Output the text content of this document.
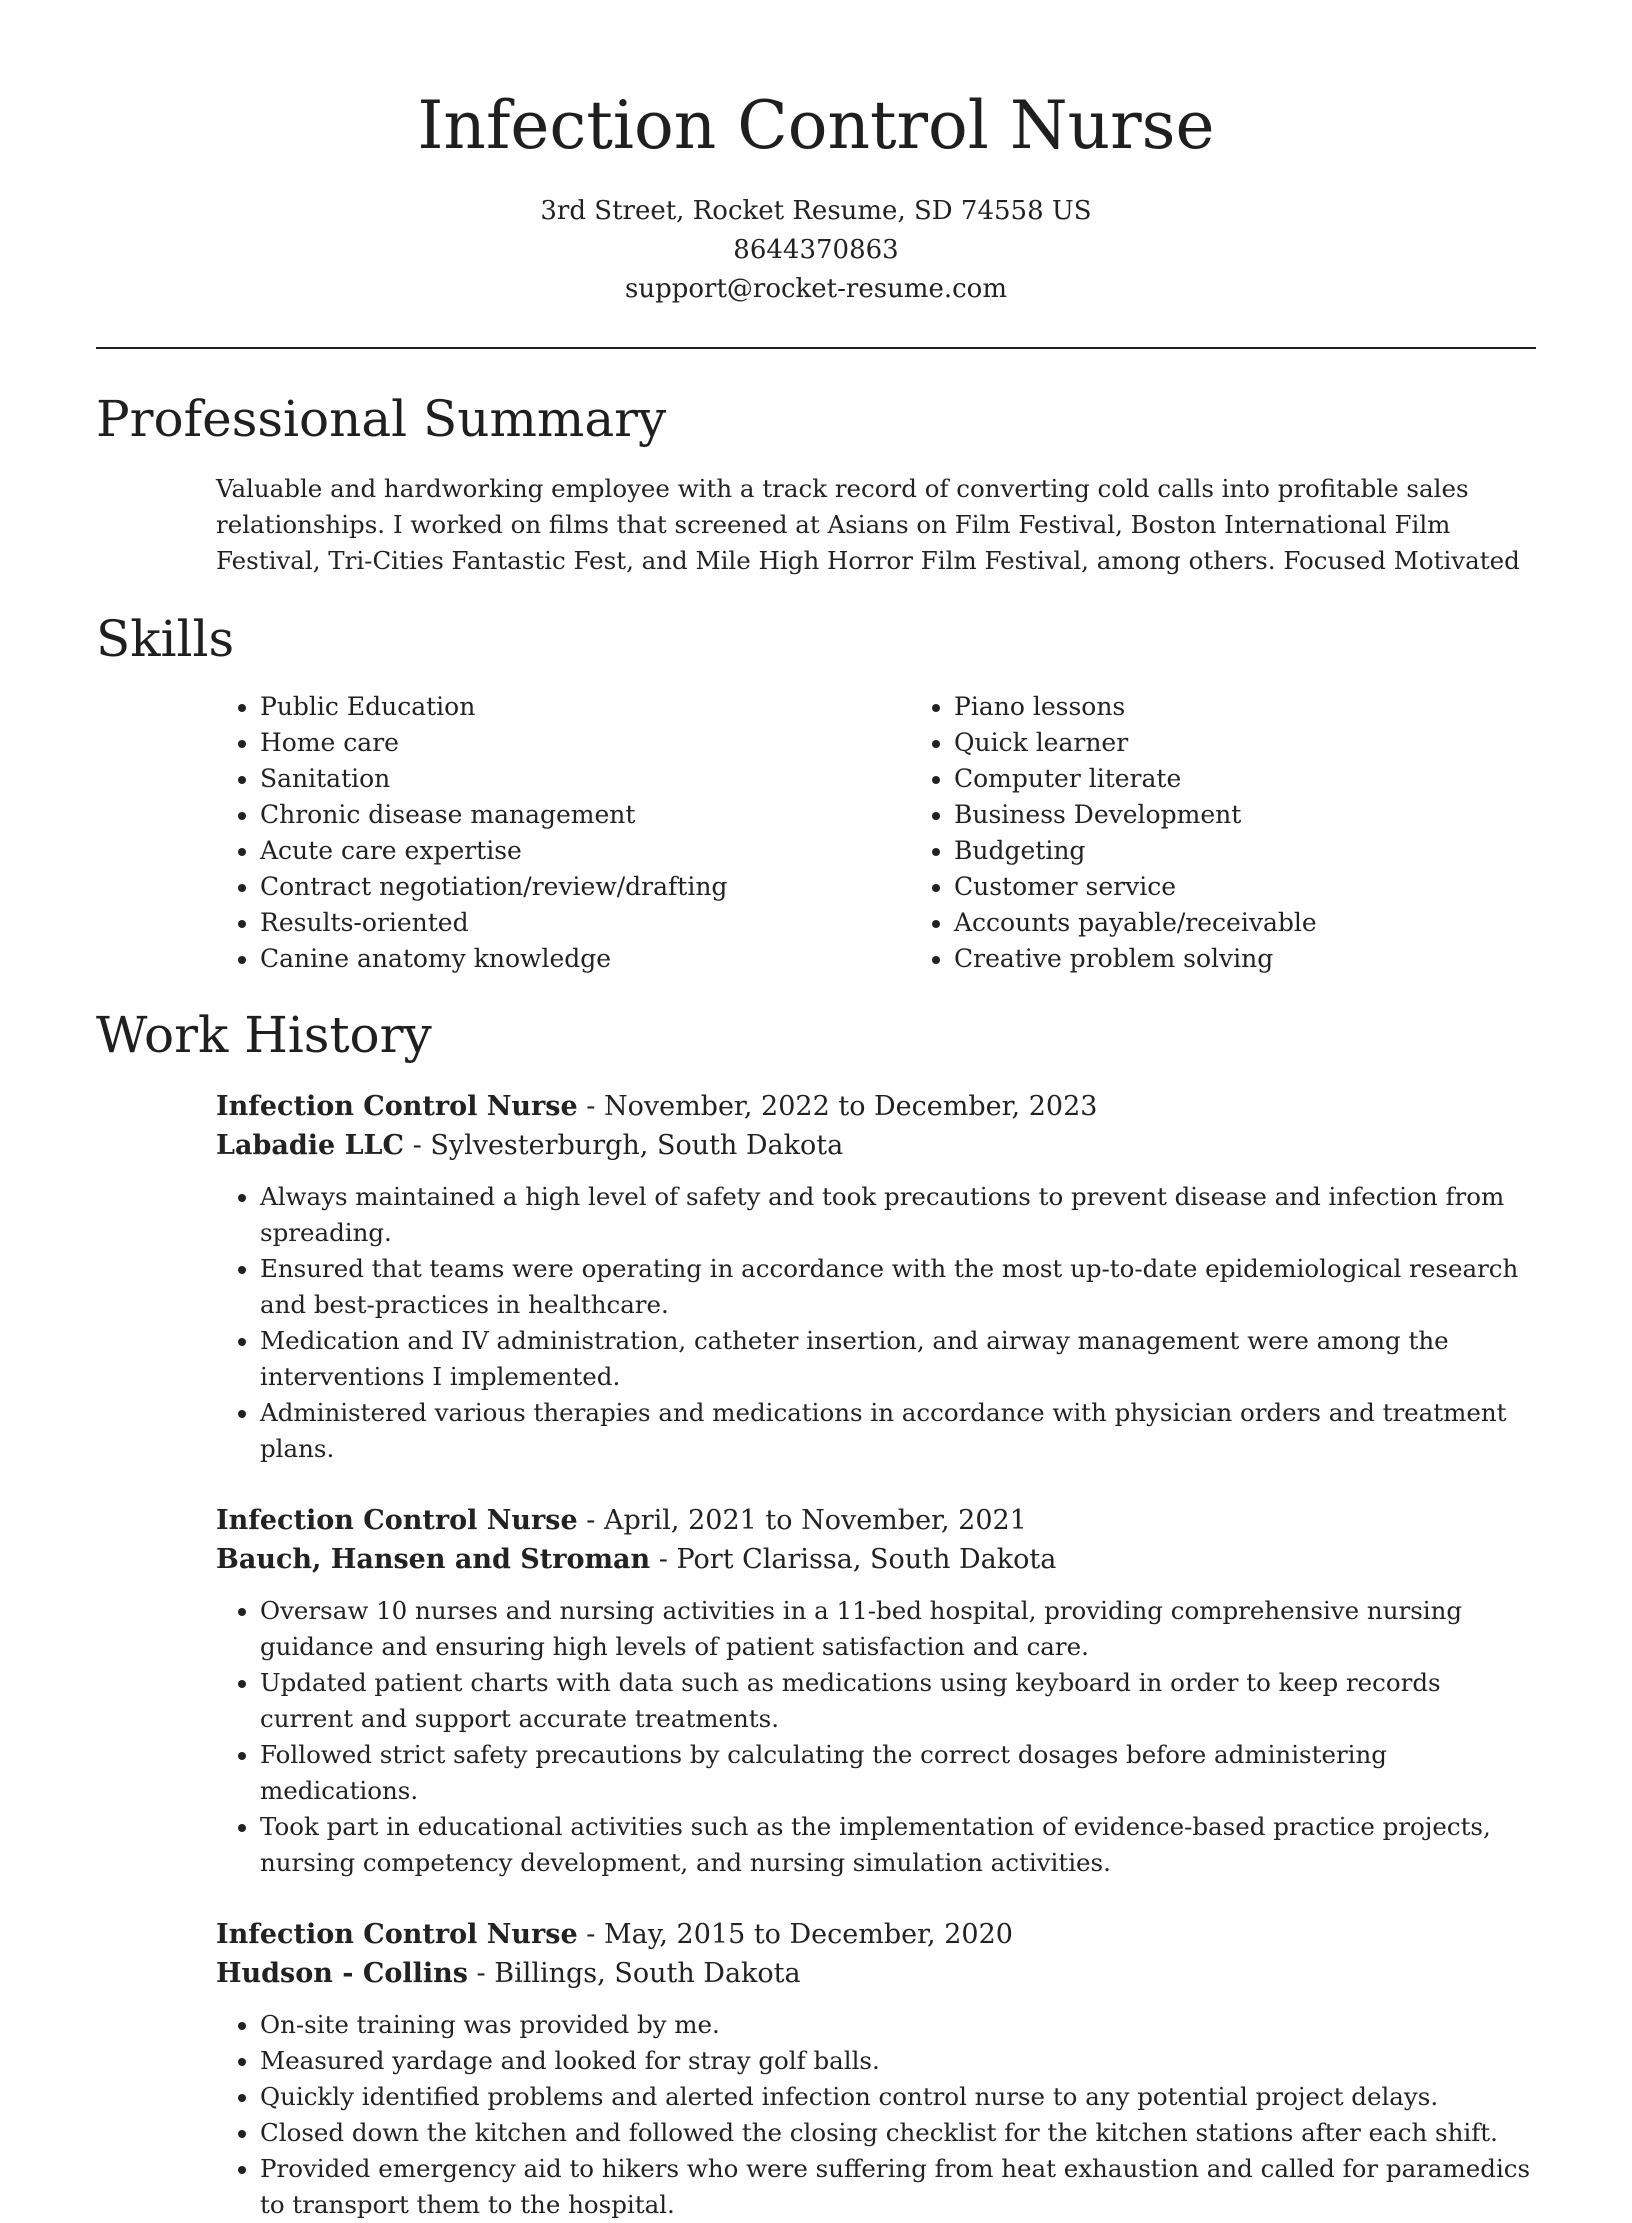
Infection Control Nurse
3rd Street, Rocket Resume, SD 74558 US
8644370863
support@rocket-resume.com
Professional Summary
Valuable and hardworking employee with a track record of converting cold calls into profitable sales relationships. I worked on films that screened at Asians on Film Festival, Boston International Film Festival, Tri-Cities Fantastic Fest, and Mile High Horror Film Festival, among others. Focused Motivated
Skills
• Public Education
• Home care
• Sanitation
• Chronic disease management
• Acute care expertise
• Contract negotiation/review/drafting
• Results-oriented
• Canine anatomy knowledge
• Piano lessons
• Quick learner
• Computer literate
• Business Development
• Budgeting
• Customer service
• Accounts payable/receivable
• Creative problem solving
Work History
Infection Control Nurse - November, 2022 to December, 2023
Labadie LLC - Sylvesterburgh, South Dakota
• Always maintained a high level of safety and took precautions to prevent disease and infection from spreading.
• Ensured that teams were operating in accordance with the most up-to-date epidemiological research and best-practices in healthcare.
• Medication and IV administration, catheter insertion, and airway management were among the interventions I implemented.
• Administered various therapies and medications in accordance with physician orders and treatment plans.
Infection Control Nurse - April, 2021 to November, 2021
Bauch, Hansen and Stroman - Port Clarissa, South Dakota
• Oversaw 10 nurses and nursing activities in a 11-bed hospital, providing comprehensive nursing guidance and ensuring high levels of patient satisfaction and care.
• Updated patient charts with data such as medications using keyboard in order to keep records current and support accurate treatments.
• Followed strict safety precautions by calculating the correct dosages before administering medications.
• Took part in educational activities such as the implementation of evidence-based practice projects, nursing competency development, and nursing simulation activities.
Infection Control Nurse - May, 2015 to December, 2020
Hudson - Collins - Billings, South Dakota
• On-site training was provided by me.
• Measured yardage and looked for stray golf balls.
• Quickly identified problems and alerted infection control nurse to any potential project delays.
• Closed down the kitchen and followed the closing checklist for the kitchen stations after each shift.
• Provided emergency aid to hikers who were suffering from heat exhaustion and called for paramedics to transport them to the hospital.
